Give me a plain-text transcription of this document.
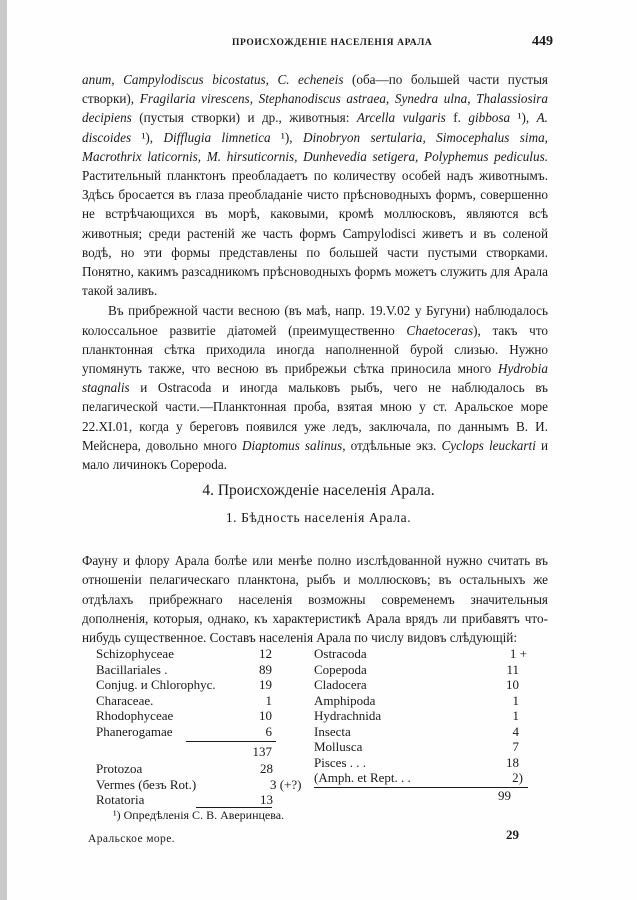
ПРОИСХОЖДЕНІЕ НАСЕЛЕНІЯ АРАЛА	449

anum, Campylodiscus bicostatus, C. echeneis (оба—по большей части пустыя створки), Fragilaria virescens, Stephanodiscus astraea, Synedra ulna, Thalassiosira decipiens (пустыя створки) и др., животныя: Arcella vulgaris f. gibbosa ¹), A. discoides ¹), Difflugia limnetica ¹), Dinobryon sertularia, Simocephalus sima, Macrothrix laticornis, M. hirsuticornis, Dunhevedia setigera, Polyphemus pediculus. Растительный планктонъ преобладаетъ по количеству особей надъ животнымъ. Здѣсь бросается въ глаза преобладаніе чисто прѣсноводныхъ формъ, совершенно не встрѣчающихся въ морѣ, каковыми, кромѣ моллюсковъ, являются всѣ животныя; среди растеній же часть формъ Campylodisci живетъ и въ соленой водѣ, но эти формы представлены по большей части пустыми створками. Понятно, какимъ разсадникомъ прѣсноводныхъ формъ можетъ служить для Арала такой заливъ.

Въ прибрежной части весною (въ маѣ, напр. 19.V.02 у Бугуни) наблюдалось колоссальное развитіе діатомей (преимущественно Chaetoceras), такъ что планктонная сѣтка приходила иногда наполненной бурой слизью. Нужно упомянуть также, что весною въ прибрежьи сѣтка приносила много Hydrobia stagnalis и Ostracoda и иногда мальковъ рыбъ, чего не наблюдалось въ пелагической части.—Планктонная проба, взятая мною у ст. Аральское море 22.XI.01, когда у береговъ появился уже ледъ, заключала, по даннымъ В. И. Мейснера, довольно много Diaptomus salinus, отдѣльные экз. Cyclops leuckarti и мало личинокъ Copepoda.

4. Происхожденіе населенія Арала.
1. Бѣдность населенія Арала.

Фауну и флору Арала болѣе или менѣе полно изслѣдованной нужно считать въ отношеніи пелагическаго планктона, рыбъ и моллюсковъ; въ остальныхъ же отдѣлахъ прибрежнаго населенія возможны современемъ значительныя дополненія, которыя, однако, къ характеристикѣ Арала врядъ ли прибавятъ что-нибудь существенное. Составъ населенія Арала по числу видовъ слѣдующій:

Schizophyceae	12
Bacillariales .	89
Conjug. и Chlorophyc.	19
Characeae.	1
Rhodophyceae	10
Phanerogamae	6
137
Protozoa	28
Vermes (безъ Rot.)	3 (+?)
Rotatoria	13
Ostracoda	1 +
Copepoda	11
Cladocera	10
Amphipoda	1
Hydrachnida	1
Insecta	4
Mollusca	7
Pisces . . .	18
(Amph. et Rept. . .	2)
99
¹) Опредѣленія С. В. Аверинцева.
Аральское море.	29
